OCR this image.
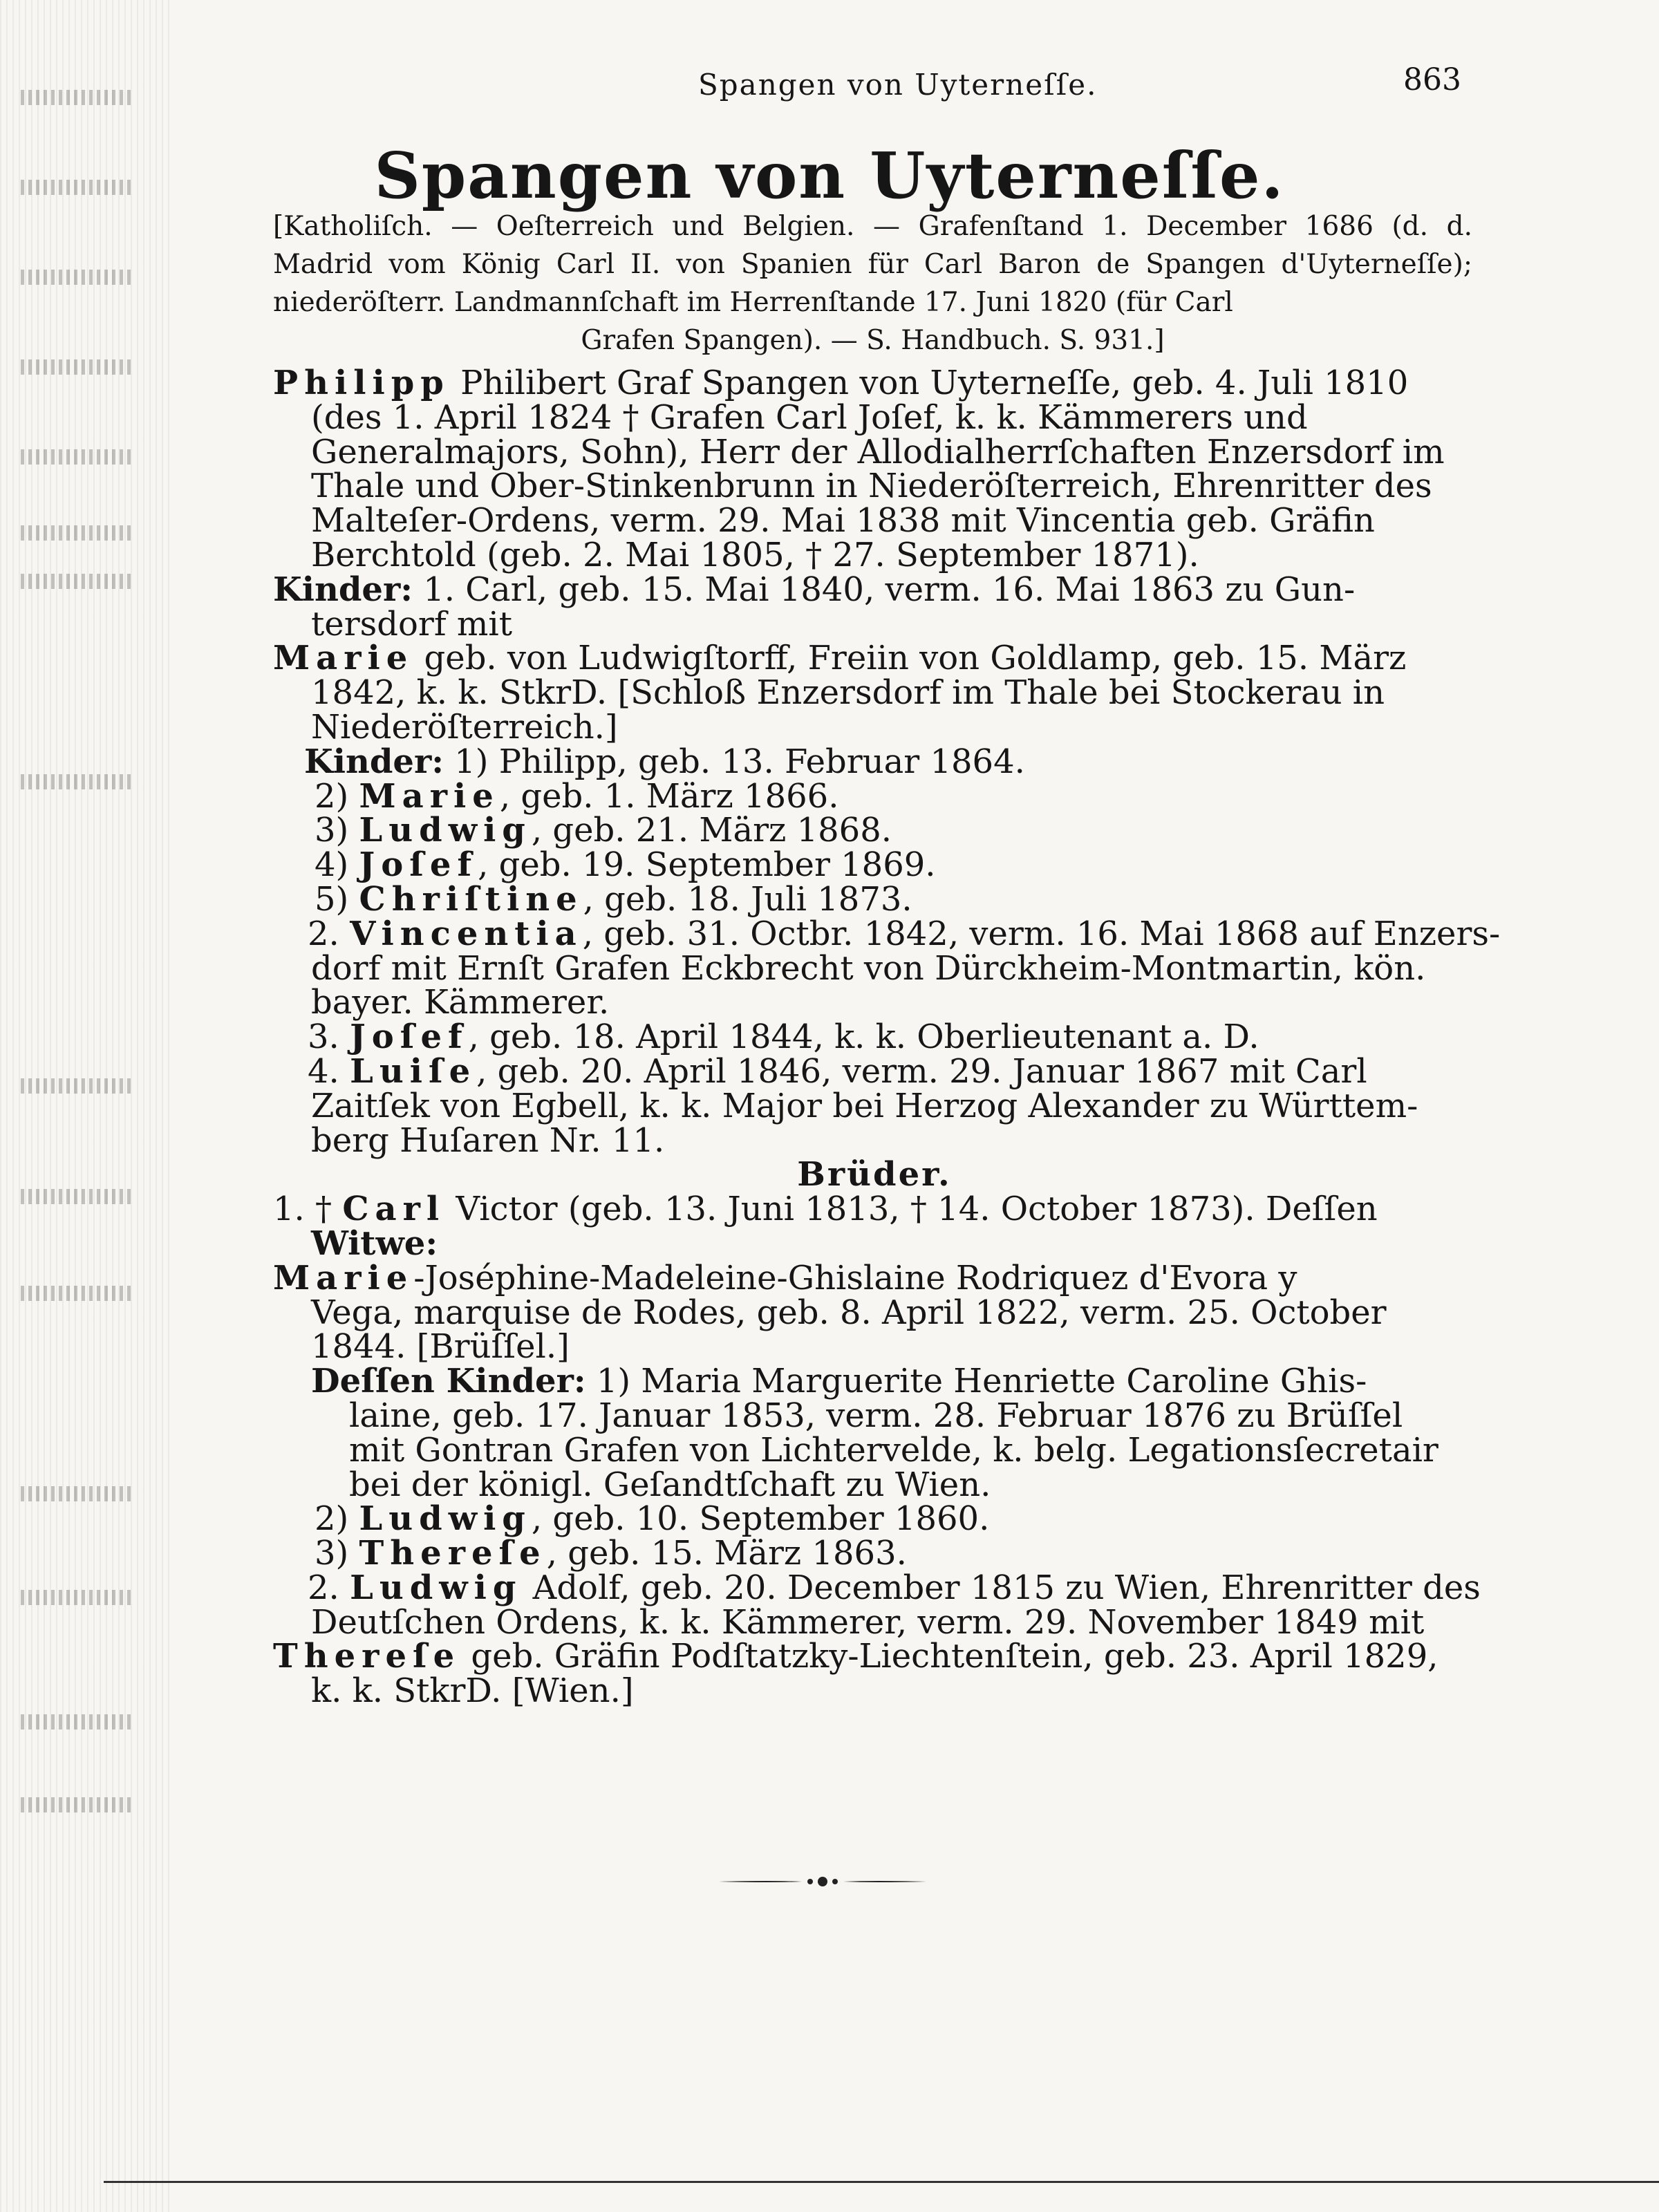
Spangen von Uyterneſſe.	863
Spangen von Uyterneſſe.
[Katholiſch. — Oeſterreich und Belgien. — Grafenſtand 1. December 1686 (d. d. Madrid vom König Carl II. von Spanien für Carl Baron de Spangen d'Uyterneſſe); niederöſterr. Landmannſchaft im Herrenſtande 17. Juni 1820 (für Carl
Grafen Spangen). — S. Handbuch. S. 931.]
Philipp Philibert Graf Spangen von Uyterneſſe, geb. 4. Juli 1810
(des 1. April 1824 † Grafen Carl Joſef, k. k. Kämmerers und
Generalmajors, Sohn), Herr der Allodialherrſchaften Enzersdorf im
Thale und Ober-Stinkenbrunn in Niederöſterreich, Ehrenritter des
Malteſer-Ordens, verm. 29. Mai 1838 mit Vincentia geb. Gräfin
Berchtold (geb. 2. Mai 1805, † 27. September 1871).
Kinder: 1. Carl, geb. 15. Mai 1840, verm. 16. Mai 1863 zu Gun-
tersdorf mit
Marie geb. von Ludwigſtorff, Freiin von Goldlamp, geb. 15. März
1842, k. k. StkrD. [Schloß Enzersdorf im Thale bei Stockerau in
Niederöſterreich.]
Kinder: 1) Philipp, geb. 13. Februar 1864.
2) Marie, geb. 1. März 1866.
3) Ludwig, geb. 21. März 1868.
4) Joſef, geb. 19. September 1869.
5) Chriſtine, geb. 18. Juli 1873.
2. Vincentia, geb. 31. Octbr. 1842, verm. 16. Mai 1868 auf Enzers-
dorf mit Ernſt Grafen Eckbrecht von Dürckheim-Montmartin, kön.
bayer. Kämmerer.
3. Joſef, geb. 18. April 1844, k. k. Oberlieutenant a. D.
4. Luiſe, geb. 20. April 1846, verm. 29. Januar 1867 mit Carl
Zaitſek von Egbell, k. k. Major bei Herzog Alexander zu Württem-
berg Huſaren Nr. 11.
Brüder.
1. † Carl Victor (geb. 13. Juni 1813, † 14. October 1873). Deſſen
Witwe:
Marie-Joséphine-Madeleine-Ghislaine Rodriquez d'Evora y
Vega, marquise de Rodes, geb. 8. April 1822, verm. 25. October
1844. [Brüſſel.]
Deſſen Kinder: 1) Maria Marguerite Henriette Caroline Ghis-
laine, geb. 17. Januar 1853, verm. 28. Februar 1876 zu Brüſſel
mit Gontran Grafen von Lichtervelde, k. belg. Legationsſecretair
bei der königl. Geſandtſchaft zu Wien.
2) Ludwig, geb. 10. September 1860.
3) Thereſe, geb. 15. März 1863.
2. Ludwig Adolf, geb. 20. December 1815 zu Wien, Ehrenritter des
Deutſchen Ordens, k. k. Kämmerer, verm. 29. November 1849 mit
Thereſe geb. Gräfin Podſtatzky-Liechtenſtein, geb. 23. April 1829,
k. k. StkrD. [Wien.]
